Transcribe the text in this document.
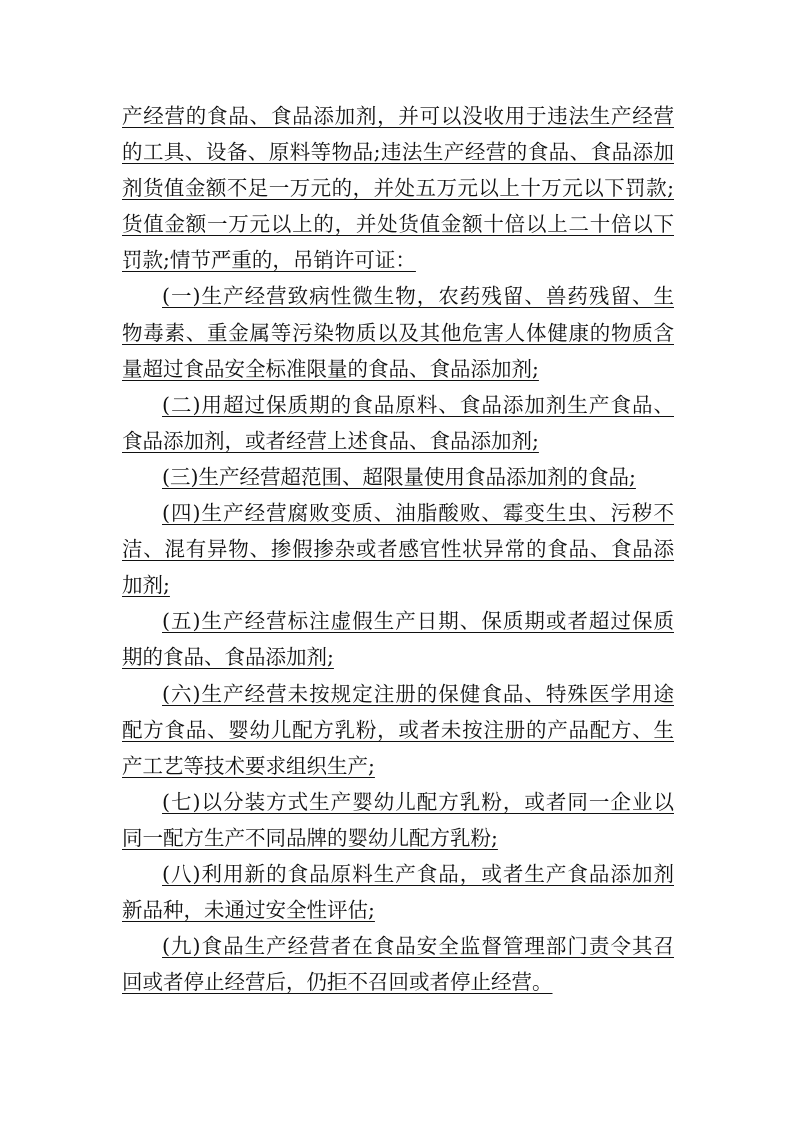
产经营的食品、食品添加剂，并可以没收用于违法生产经营
的工具、设备、原料等物品;违法生产经营的食品、食品添加
剂货值金额不足一万元的，并处五万元以上十万元以下罚款;
货值金额一万元以上的，并处货值金额十倍以上二十倍以下
罚款;情节严重的，吊销许可证：
(一)生产经营致病性微生物，农药残留、兽药残留、生
物毒素、重金属等污染物质以及其他危害人体健康的物质含
量超过食品安全标准限量的食品、食品添加剂;
(二)用超过保质期的食品原料、食品添加剂生产食品、
食品添加剂，或者经营上述食品、食品添加剂;
(三)生产经营超范围、超限量使用食品添加剂的食品;
(四)生产经营腐败变质、油脂酸败、霉变生虫、污秽不
洁、混有异物、掺假掺杂或者感官性状异常的食品、食品添
加剂;
(五)生产经营标注虚假生产日期、保质期或者超过保质
期的食品、食品添加剂;
(六)生产经营未按规定注册的保健食品、特殊医学用途
配方食品、婴幼儿配方乳粉，或者未按注册的产品配方、生
产工艺等技术要求组织生产;
(七)以分装方式生产婴幼儿配方乳粉，或者同一企业以
同一配方生产不同品牌的婴幼儿配方乳粉;
(八)利用新的食品原料生产食品，或者生产食品添加剂
新品种，未通过安全性评估;
(九)食品生产经营者在食品安全监督管理部门责令其召
回或者停止经营后，仍拒不召回或者停止经营。
